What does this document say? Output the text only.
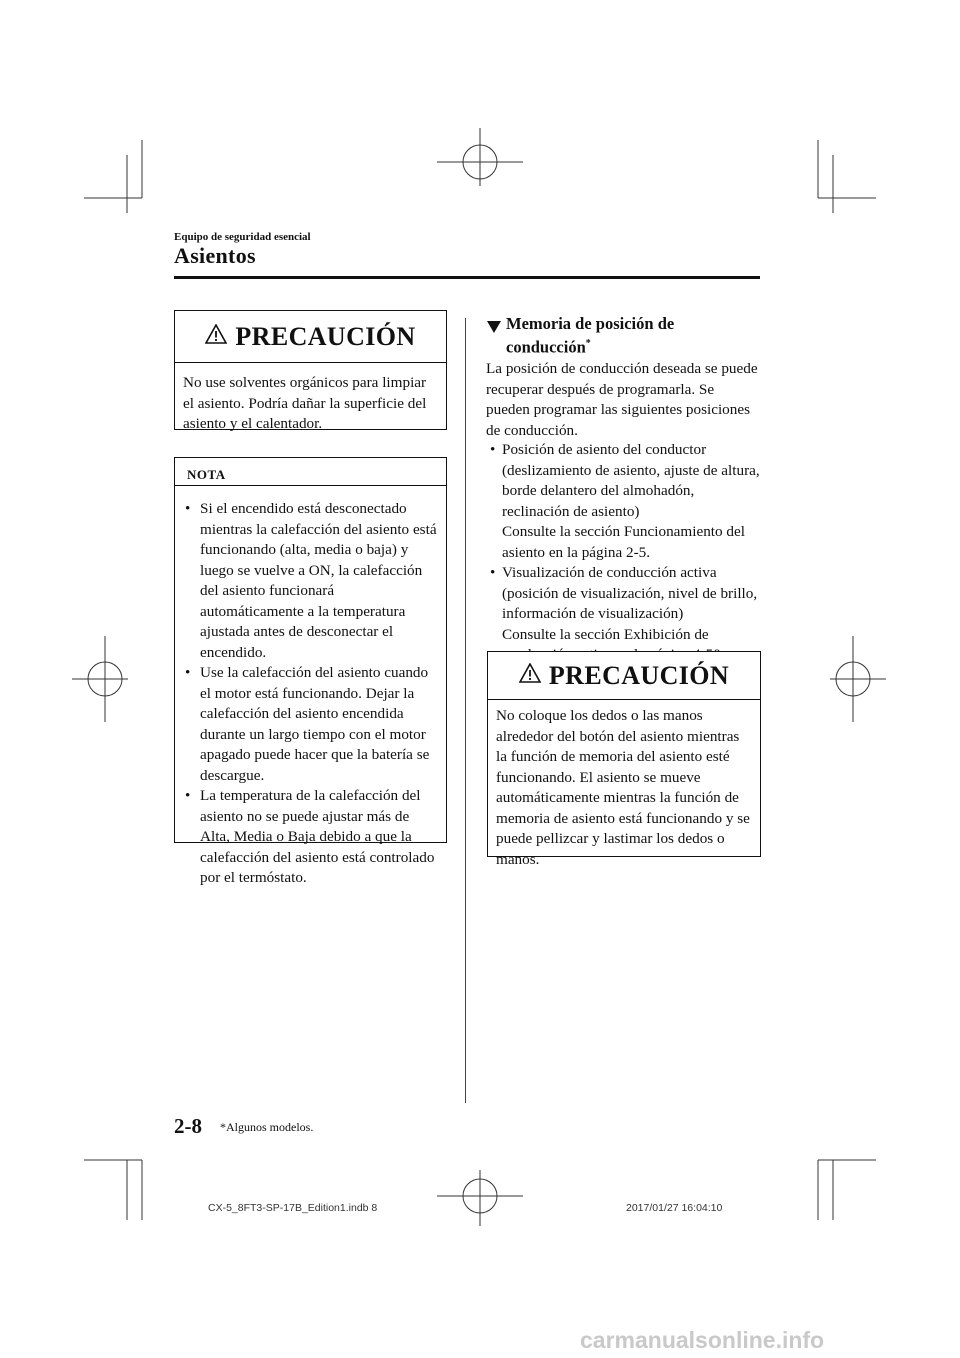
Equipo de seguridad esencial
Asientos
PRECAUCIÓN
No use solventes orgánicos para limpiar el asiento. Podría dañar la superficie del asiento y el calentador.
NOTA
• Si el encendido está desconectado mientras la calefacción del asiento está funcionando (alta, media o baja) y luego se vuelve a ON, la calefacción del asiento funcionará automáticamente a la temperatura ajustada antes de desconectar el encendido.
• Use la calefacción del asiento cuando el motor está funcionando. Dejar la calefacción del asiento encendida durante un largo tiempo con el motor apagado puede hacer que la batería se descargue.
• La temperatura de la calefacción del asiento no se puede ajustar más de Alta, Media o Baja debido a que la calefacción del asiento está controlado por el termóstato.
Memoria de posición de conducción*
La posición de conducción deseada se puede recuperar después de programarla. Se pueden programar las siguientes posiciones de conducción.
• Posición de asiento del conductor (deslizamiento de asiento, ajuste de altura, borde delantero del almohadón, reclinación de asiento)
Consulte la sección Funcionamiento del asiento en la página 2-5.
• Visualización de conducción activa (posición de visualización, nivel de brillo, información de visualización)
Consulte la sección Exhibición de
PRECAUCIÓN
No coloque los dedos o las manos alrededor del botón del asiento mientras la función de memoria del asiento esté funcionando. El asiento se mueve automáticamente mientras la función de memoria de asiento está funcionando y se puede pellizcar y lastimar los dedos o manos.
2-8 *Algunos modelos.
CX-5_8FT3-SP-17B_Edition1.indb 8	2017/01/27 16:04:10
carmanualsonline.info
